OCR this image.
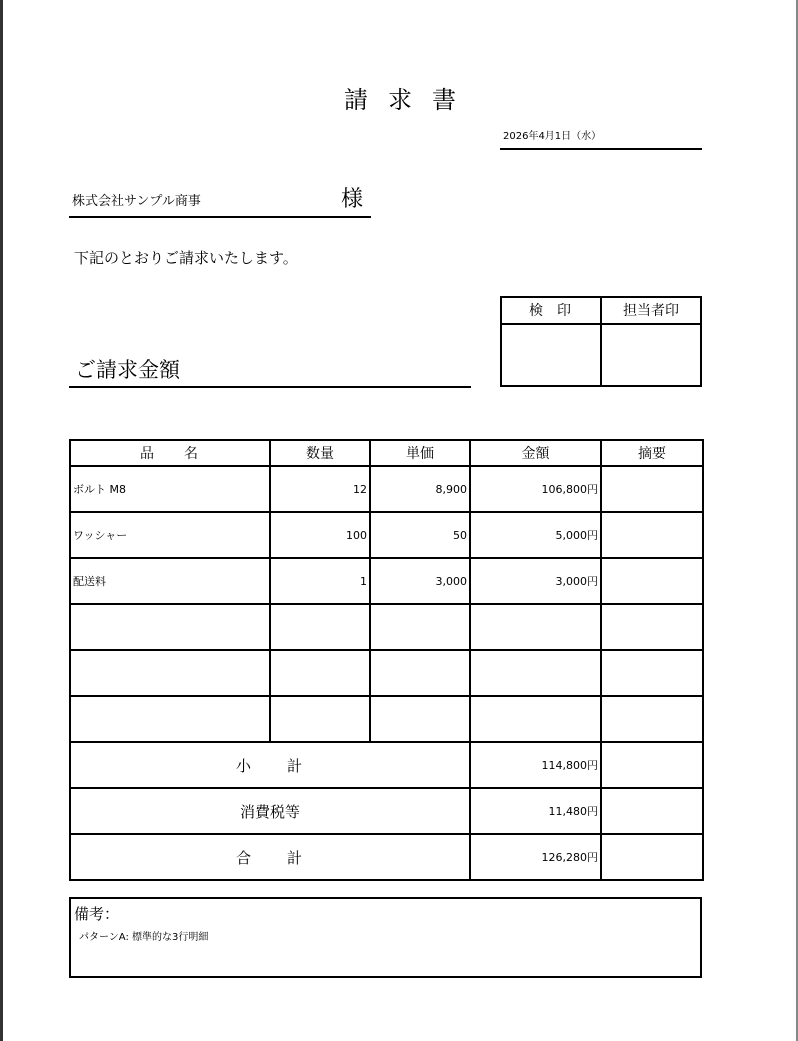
請求書
2026年4月1日（水）
株式会社サンプル商事	様
下記のとおりご請求いたします。
検印	担当者印
ご請求金額
品名	数量	単価	金額	摘要
ボルト M8	12	8,900	106,800円	
ワッシャー	100	50	5,000円	
配送料	1	3,000	3,000円	

小計			114,800円	
消費税等			11,480円	
合計			126,280円	
備考：
パターンA: 標準的な3行明細
